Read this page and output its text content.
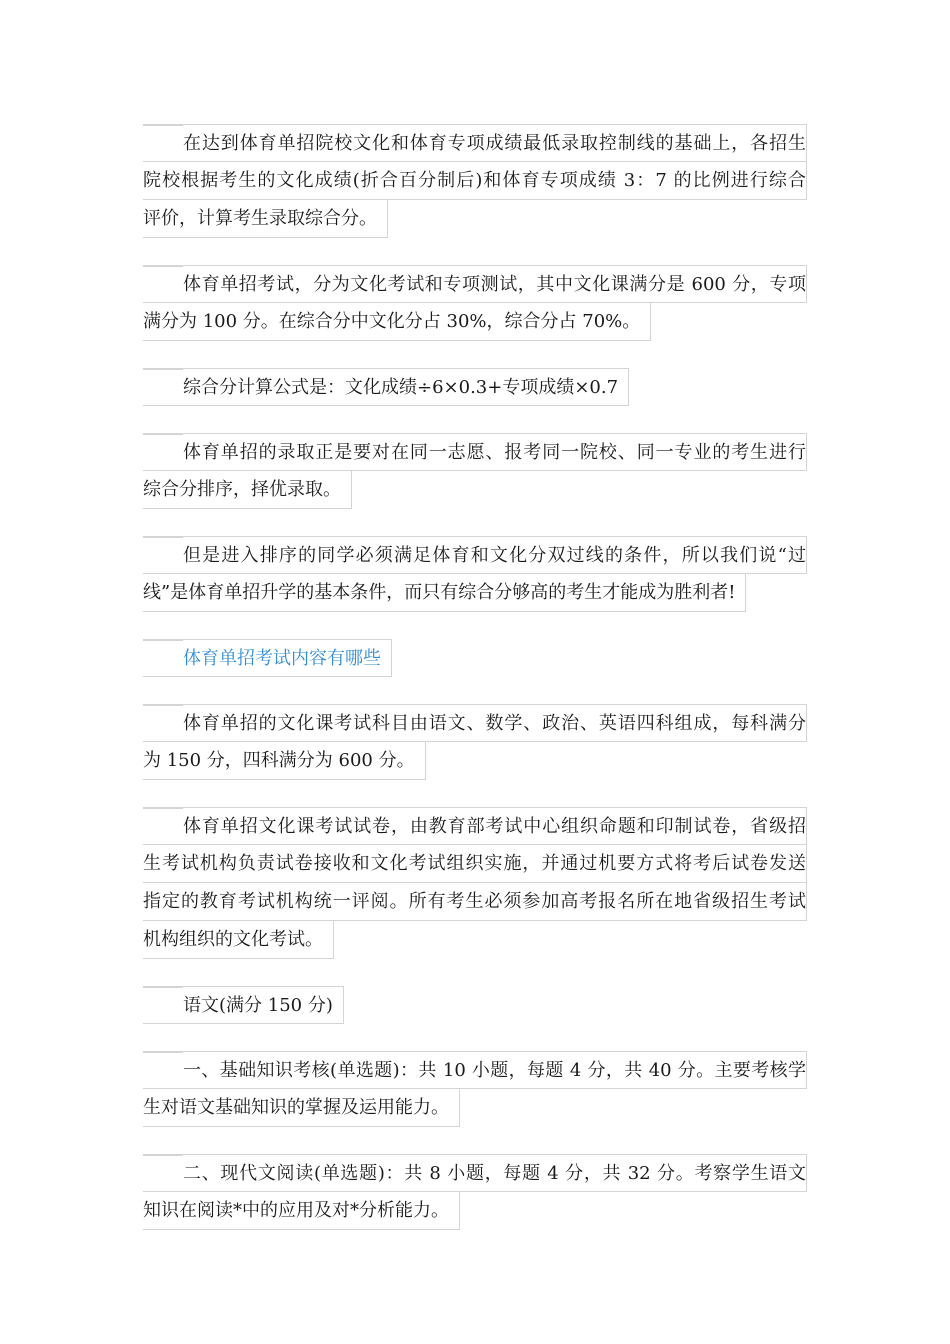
在达到体育单招院校文化和体育专项成绩最低录取控制线的基础上，各招生
院校根据考生的文化成绩(折合百分制后)和体育专项成绩 3：7 的比例进行综合
评价，计算考生录取综合分。
体育单招考试，分为文化考试和专项测试，其中文化课满分是 600 分，专项
满分为 100 分。在综合分中文化分占 30%，综合分占 70%。
综合分计算公式是：文化成绩÷6×0.3+专项成绩×0.7
体育单招的录取正是要对在同一志愿、报考同一院校、同一专业的考生进行
综合分排序，择优录取。
但是进入排序的同学必须满足体育和文化分双过线的条件，所以我们说“过
线”是体育单招升学的基本条件，而只有综合分够高的考生才能成为胜利者!
体育单招考试内容有哪些
体育单招的文化课考试科目由语文、数学、政治、英语四科组成，每科满分
为 150 分，四科满分为 600 分。
体育单招文化课考试试卷，由教育部考试中心组织命题和印制试卷，省级招
生考试机构负责试卷接收和文化考试组织实施，并通过机要方式将考后试卷发送
指定的教育考试机构统一评阅。所有考生必须参加高考报名所在地省级招生考试
机构组织的文化考试。
语文(满分 150 分)
一、基础知识考核(单选题)：共 10 小题，每题 4 分，共 40 分。主要考核学
生对语文基础知识的掌握及运用能力。
二、现代文阅读(单选题)：共 8 小题，每题 4 分，共 32 分。考察学生语文
知识在阅读*中的应用及对*分析能力。
